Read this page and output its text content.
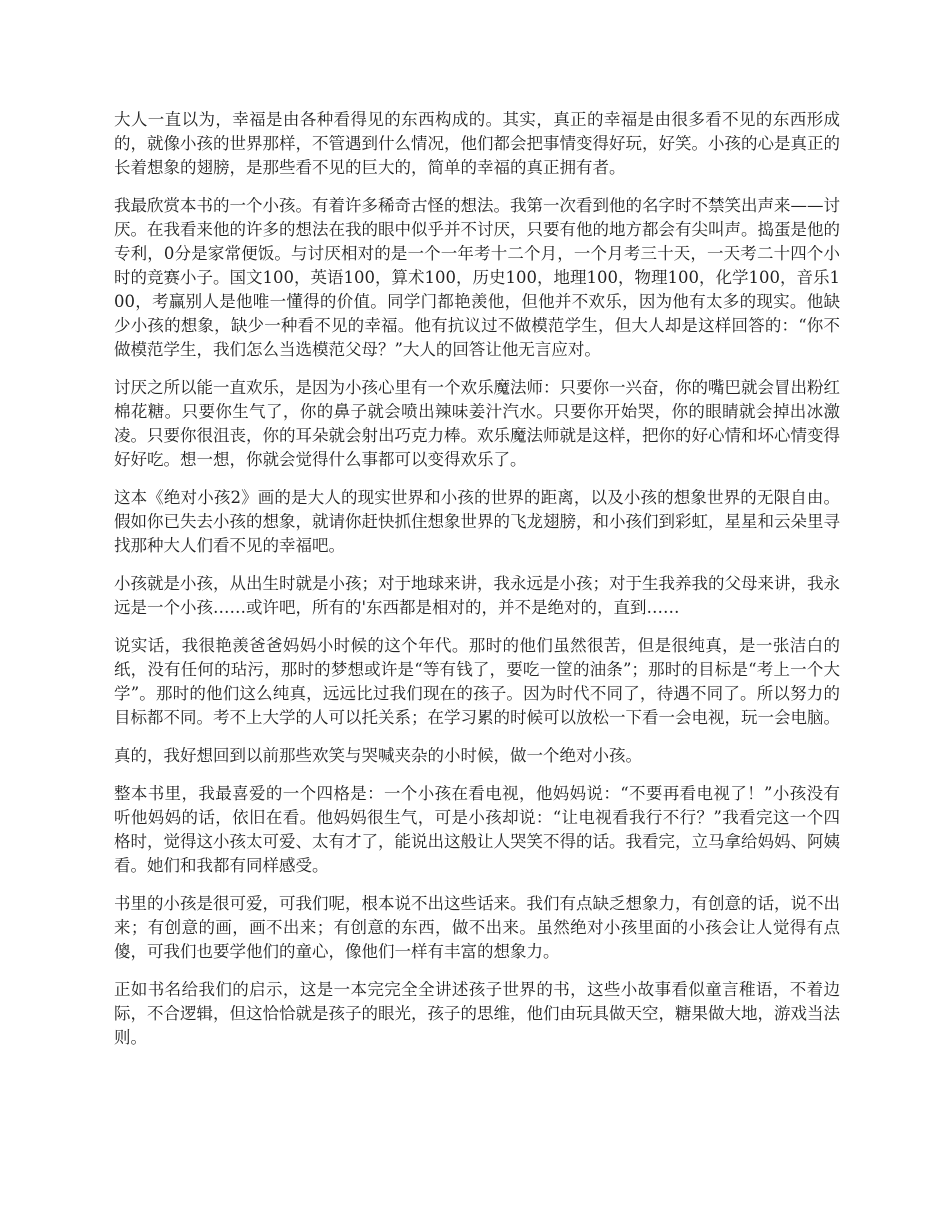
大人一直以为，幸福是由各种看得见的东西构成的。其实，真正的幸福是由很多看不见的东西形成的，就像小孩的世界那样，不管遇到什么情况，他们都会把事情变得好玩，好笑。小孩的心是真正的长着想象的翅膀，是那些看不见的巨大的，简单的幸福的真正拥有者。

我最欣赏本书的一个小孩。有着许多稀奇古怪的想法。我第一次看到他的名字时不禁笑出声来——讨厌。在我看来他的许多的想法在我的眼中似乎并不讨厌，只要有他的地方都会有尖叫声。捣蛋是他的专利，0分是家常便饭。与讨厌相对的是一个一年考十二个月，一个月考三十天，一天考二十四个小时的竞赛小子。国文100，英语100，算术100，历史100，地理100，物理100，化学100，音乐100，考赢别人是他唯一懂得的价值。同学门都艳羡他，但他并不欢乐，因为他有太多的现实。他缺少小孩的想象，缺少一种看不见的幸福。他有抗议过不做模范学生，但大人却是这样回答的：“你不做模范学生，我们怎么当选模范父母？”大人的回答让他无言应对。

讨厌之所以能一直欢乐，是因为小孩心里有一个欢乐魔法师：只要你一兴奋，你的嘴巴就会冒出粉红棉花糖。只要你生气了，你的鼻子就会喷出辣味姜汁汽水。只要你开始哭，你的眼睛就会掉出冰激凌。只要你很沮丧，你的耳朵就会射出巧克力棒。欢乐魔法师就是这样，把你的好心情和坏心情变得好好吃。想一想，你就会觉得什么事都可以变得欢乐了。

这本《绝对小孩2》画的是大人的现实世界和小孩的世界的距离，以及小孩的想象世界的无限自由。假如你已失去小孩的想象，就请你赶快抓住想象世界的飞龙翅膀，和小孩们到彩虹，星星和云朵里寻找那种大人们看不见的幸福吧。

小孩就是小孩，从出生时就是小孩；对于地球来讲，我永远是小孩；对于生我养我的父母来讲，我永远是一个小孩……或许吧，所有的'东西都是相对的，并不是绝对的，直到……

说实话，我很艳羡爸爸妈妈小时候的这个年代。那时的他们虽然很苦，但是很纯真，是一张洁白的纸，没有任何的玷污，那时的梦想或许是“等有钱了，要吃一筐的油条”；那时的目标是“考上一个大学”。那时的他们这么纯真，远远比过我们现在的孩子。因为时代不同了，待遇不同了。所以努力的目标都不同。考不上大学的人可以托关系；在学习累的时候可以放松一下看一会电视，玩一会电脑。

真的，我好想回到以前那些欢笑与哭喊夹杂的小时候，做一个绝对小孩。

整本书里，我最喜爱的一个四格是：一个小孩在看电视，他妈妈说：“不要再看电视了！”小孩没有听他妈妈的话，依旧在看。他妈妈很生气，可是小孩却说：“让电视看我行不行？”我看完这一个四格时，觉得这小孩太可爱、太有才了，能说出这般让人哭笑不得的话。我看完，立马拿给妈妈、阿姨看。她们和我都有同样感受。

书里的小孩是很可爱，可我们呢，根本说不出这些话来。我们有点缺乏想象力，有创意的话，说不出来；有创意的画，画不出来；有创意的东西，做不出来。虽然绝对小孩里面的小孩会让人觉得有点傻，可我们也要学他们的童心，像他们一样有丰富的想象力。

正如书名给我们的启示，这是一本完完全全讲述孩子世界的书，这些小故事看似童言稚语，不着边际，不合逻辑，但这恰恰就是孩子的眼光，孩子的思维，他们由玩具做天空，糖果做大地，游戏当法则。
